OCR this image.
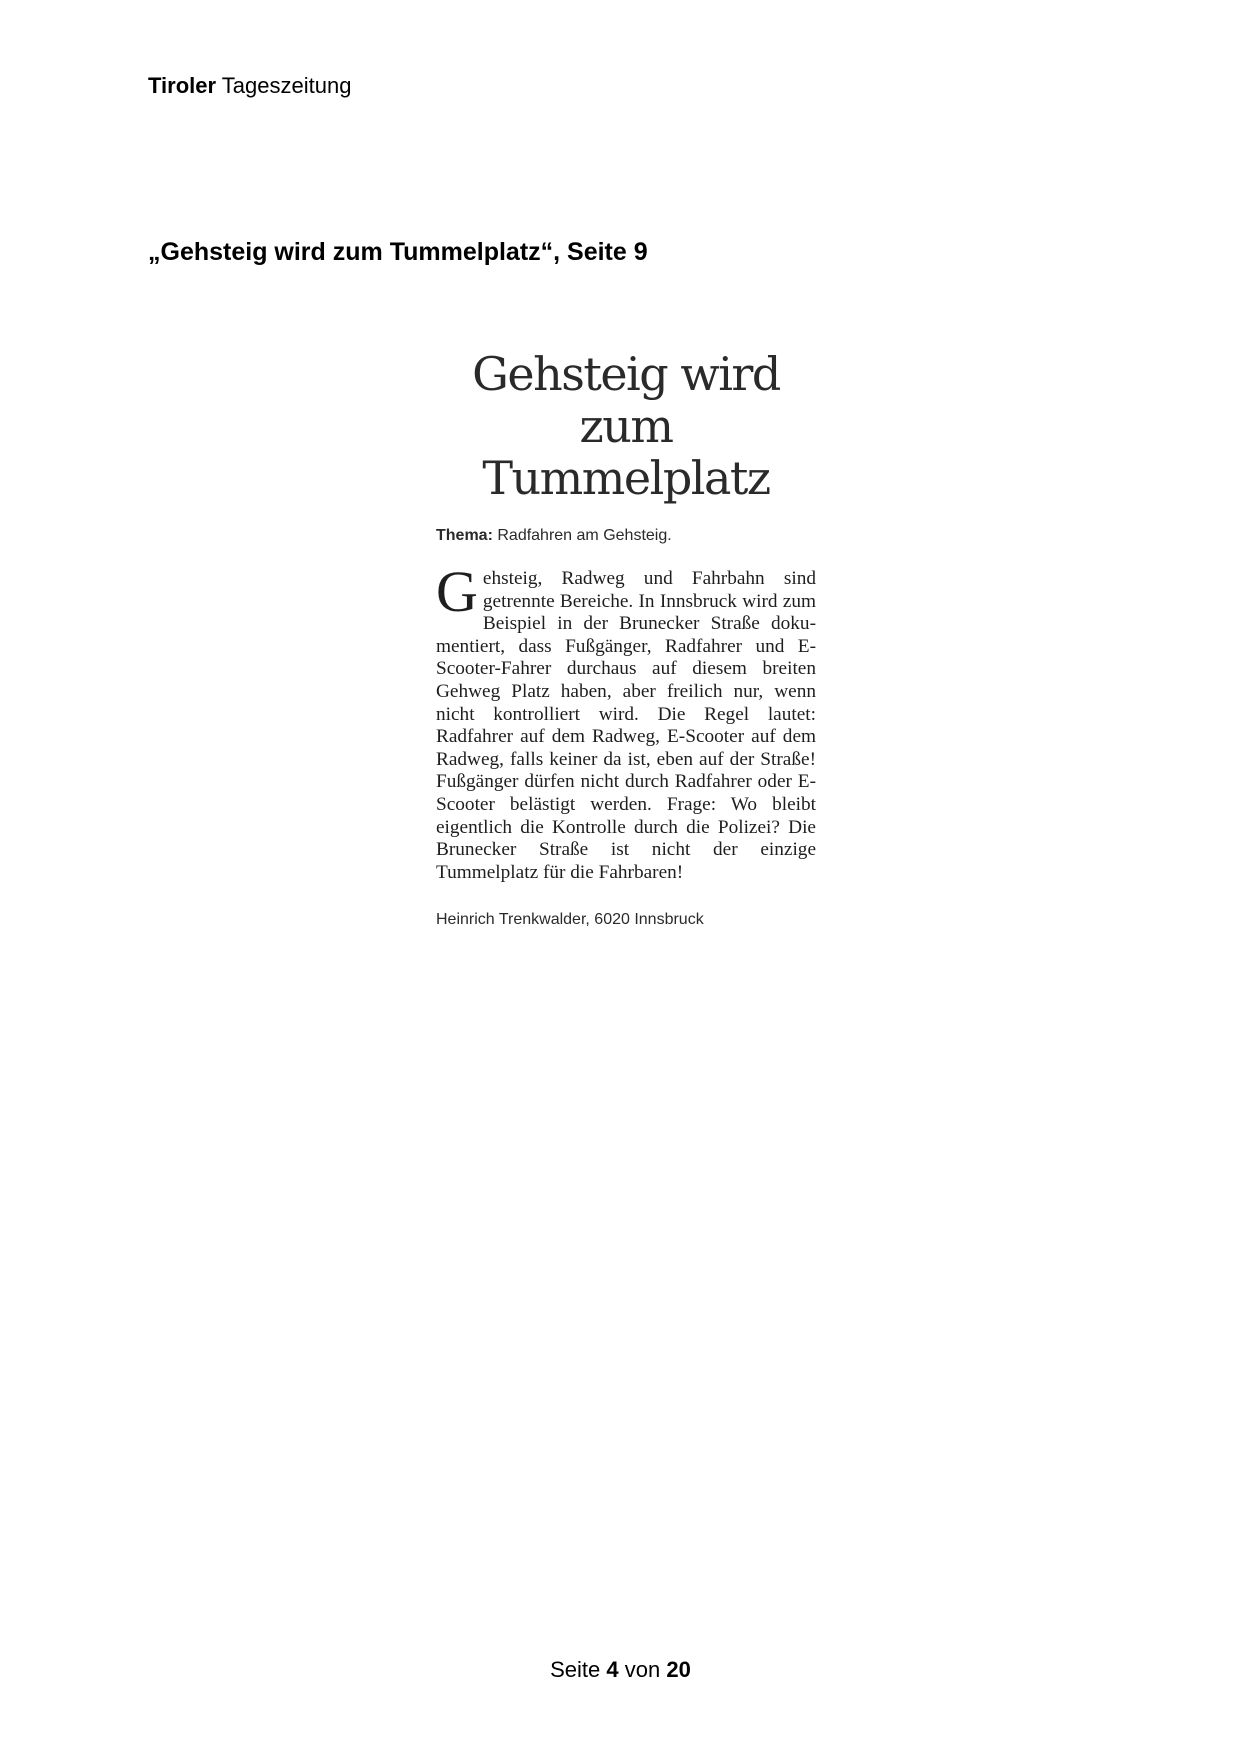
Tiroler Tageszeitung
„Gehsteig wird zum Tummelplatz“, Seite 9
Gehsteig wird zum
Tummelplatz
Thema: Radfahren am Gehsteig.
G ehsteig, Radweg und Fahrbahn sind getrennte Bereiche. In Innsbruck wird zum Beispiel in der Brunecker Straße dokumentiert, dass Fußgänger, Radfahrer und E-Scooter-Fahrer durchaus auf diesem breiten Gehweg Platz haben, aber freilich nur, wenn nicht kontrolliert wird. Die Regel lautet: Radfahrer auf dem Radweg, E-Scooter auf dem Radweg, falls keiner da ist, eben auf der Straße! Fußgänger dürfen nicht durch Radfahrer oder E-Scooter belästigt werden. Frage: Wo bleibt eigentlich die Kontrolle durch die Polizei? Die Brunecker Straße ist nicht der einzige Tummelplatz für die Fahrbaren!
Heinrich Trenkwalder, 6020 Innsbruck
Seite 4 von 20
